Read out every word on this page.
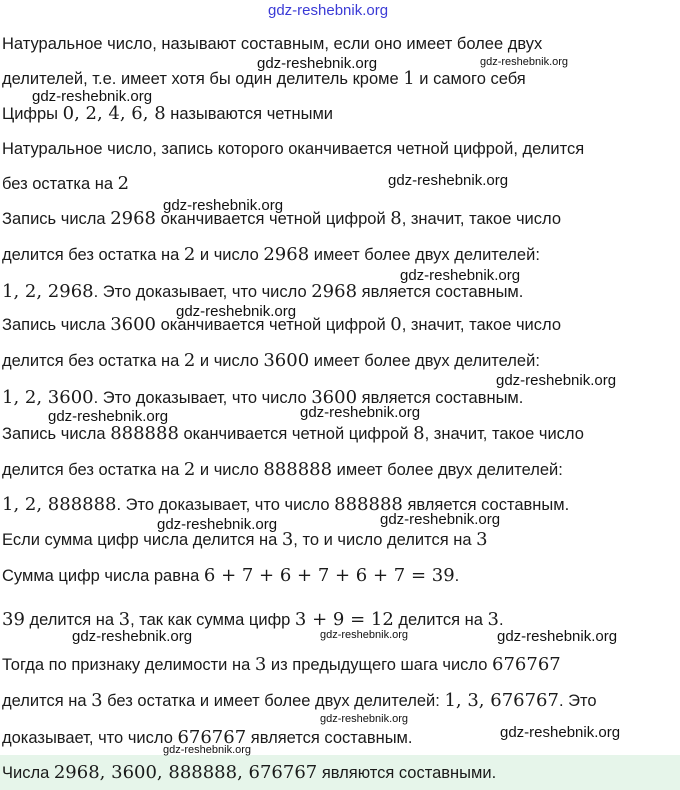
gdz-reshebnik.org
Натуральное число, называют составным, если оно имеет более двух
делителей, т.е. имеет хотя бы один делитель кроме 1 и самого себя
Цифры 0, 2, 4, 6, 8 называются четными
Натуральное число, запись которого оканчивается четной цифрой, делится
без остатка на 2
Запись числа 2968 оканчивается четной цифрой 8, значит, такое число
делится без остатка на 2 и число 2968 имеет более двух делителей:
1, 2, 2968. Это доказывает, что число 2968 является составным.
Запись числа 3600 оканчивается четной цифрой 0, значит, такое число
делится без остатка на 2 и число 3600 имеет более двух делителей:
1, 2, 3600. Это доказывает, что число 3600 является составным.
Запись числа 888888 оканчивается четной цифрой 8, значит, такое число
делится без остатка на 2 и число 888888 имеет более двух делителей:
1, 2, 888888. Это доказывает, что число 888888 является составным.
Если сумма цифр числа делится на 3, то и число делится на 3
Сумма цифр числа равна 6 + 7 + 6 + 7 + 6 + 7 = 39.
39 делится на 3, так как сумма цифр 3 + 9 = 12 делится на 3.
Тогда по признаку делимости на 3 из предыдущего шага число 676767
делится на 3 без остатка и имеет более двух делителей: 1, 3, 676767. Это
доказывает, что число 676767 является составным.
Числа 2968, 3600, 888888, 676767 являются составными.
gdz-reshebnik.org	gdz-reshebnik.org
gdz-reshebnik.org
gdz-reshebnik.org
gdz-reshebnik.org
gdz-reshebnik.org
gdz-reshebnik.org
gdz-reshebnik.org
gdz-reshebnik.org
gdz-reshebnik.org
gdz-reshebnik.org	gdz-reshebnik.org
gdz-reshebnik.org	gdz-reshebnik.org	gdz-reshebnik.org
gdz-reshebnik.org
gdz-reshebnik.org
gdz-reshebnik.org
